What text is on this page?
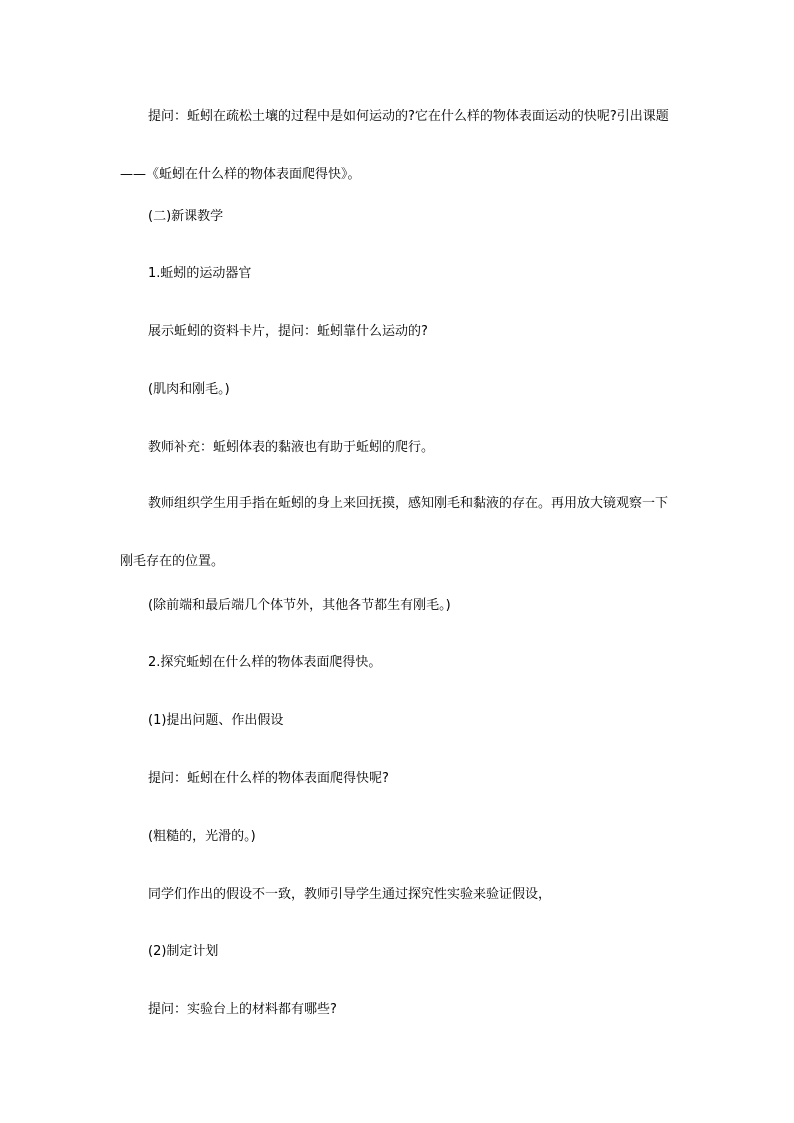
提问：蚯蚓在疏松土壤的过程中是如何运动的?它在什么样的物体表面运动的快呢?引出课题——《蚯蚓在什么样的物体表面爬得快》。

(二)新课教学

1.蚯蚓的运动器官

展示蚯蚓的资料卡片，提问：蚯蚓靠什么运动的?

(肌肉和刚毛。)

教师补充：蚯蚓体表的黏液也有助于蚯蚓的爬行。

教师组织学生用手指在蚯蚓的身上来回抚摸，感知刚毛和黏液的存在。再用放大镜观察一下刚毛存在的位置。

(除前端和最后端几个体节外，其他各节都生有刚毛。)

2.探究蚯蚓在什么样的物体表面爬得快。

(1)提出问题、作出假设

提问：蚯蚓在什么样的物体表面爬得快呢?

(粗糙的，光滑的。)

同学们作出的假设不一致，教师引导学生通过探究性实验来验证假设，

(2)制定计划

提问：实验台上的材料都有哪些?
